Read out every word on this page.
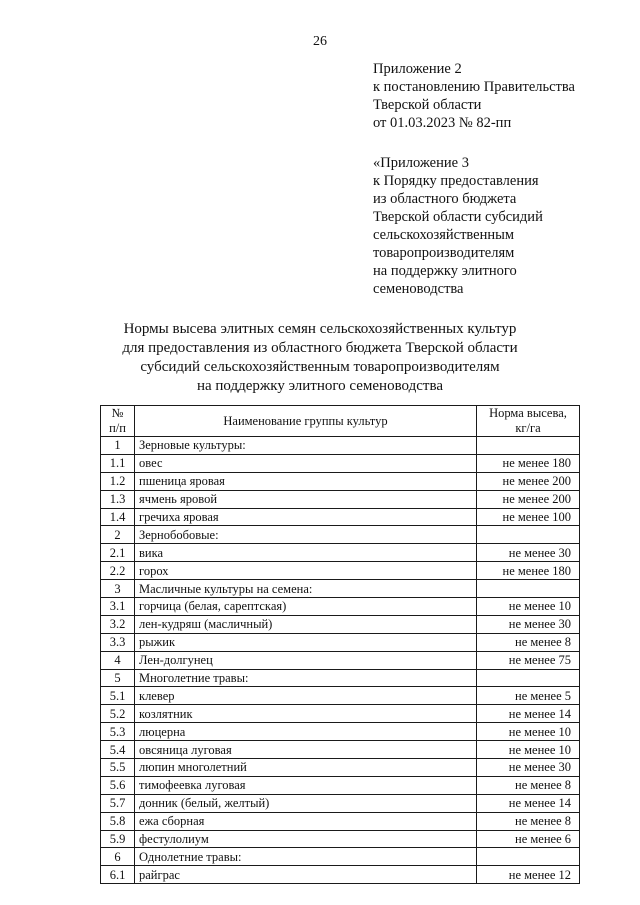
26
Приложение 2
к постановлению Правительства
Тверской области
от 01.03.2023 № 82-пп
«Приложение 3
к Порядку предоставления
из областного бюджета
Тверской области субсидий
сельскохозяйственным
товаропроизводителям
на поддержку элитного
семеноводства
Нормы высева элитных семян сельскохозяйственных культур
для предоставления из областного бюджета Тверской области
субсидий сельскохозяйственным товаропроизводителям
на поддержку элитного семеноводства
№ п/п	Наименование группы культур	Норма высева, кг/га
1	Зерновые культуры:	
1.1	овес	не менее 180
1.2	пшеница яровая	не менее 200
1.3	ячмень яровой	не менее 200
1.4	гречиха яровая	не менее 100
2	Зернобобовые:	
2.1	вика	не менее 30
2.2	горох	не менее 180
3	Масличные культуры на семена:	
3.1	горчица (белая, сарептская)	не менее 10
3.2	лен-кудряш (масличный)	не менее 30
3.3	рыжик	не менее 8
4	Лен-долгунец	не менее 75
5	Многолетние травы:	
5.1	клевер	не менее 5
5.2	козлятник	не менее 14
5.3	люцерна	не менее 10
5.4	овсяница луговая	не менее 10
5.5	люпин многолетний	не менее 30
5.6	тимофеевка луговая	не менее 8
5.7	донник (белый, желтый)	не менее 14
5.8	ежа сборная	не менее 8
5.9	фестулолиум	не менее 6
6	Однолетние травы:	
6.1	райграс	не менее 12
